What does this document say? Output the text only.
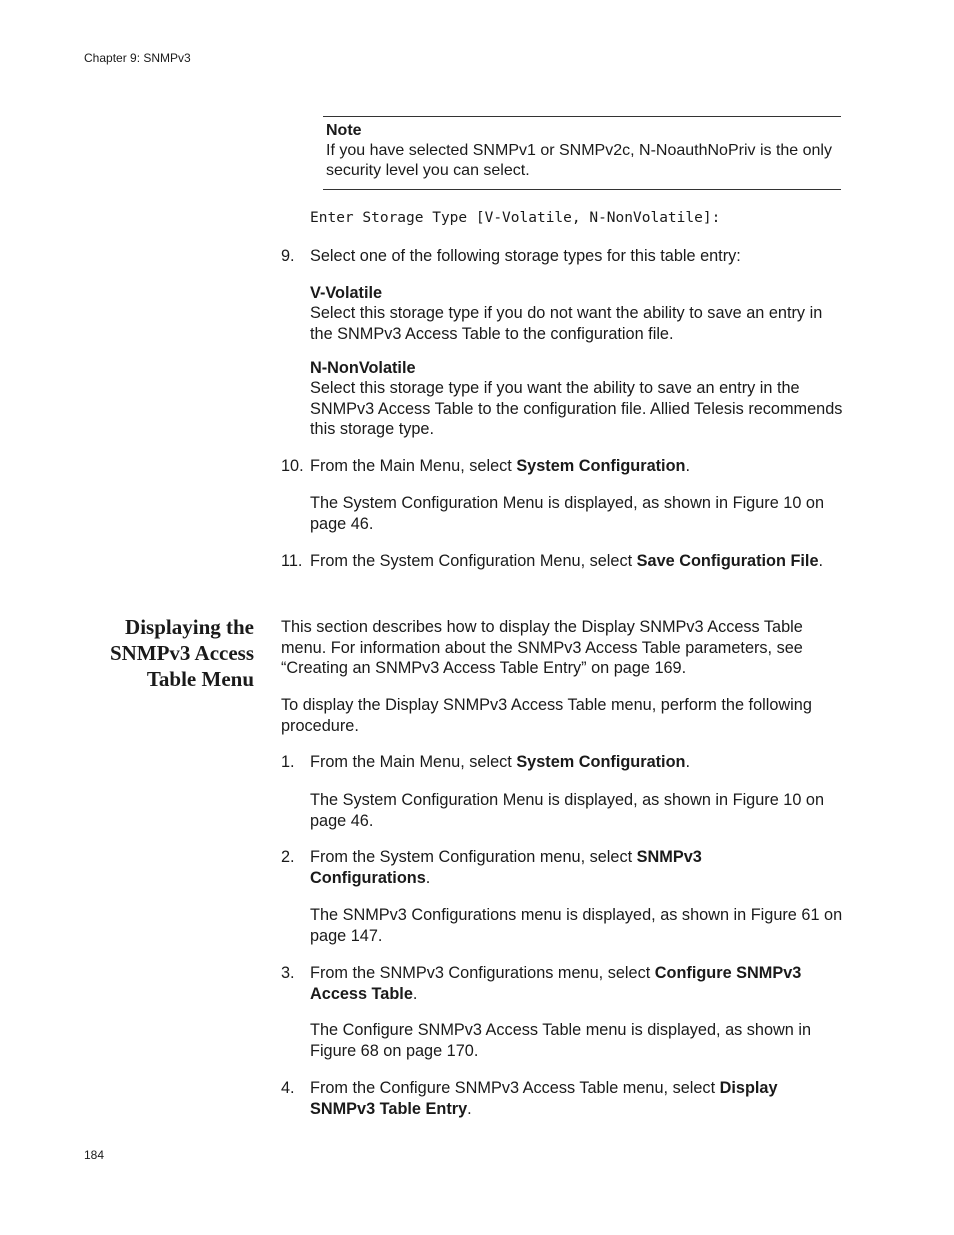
Chapter 9: SNMPv3
Note
If you have selected SNMPv1 or SNMPv2c, N-NoauthNoPriv is the only security level you can select.
Enter Storage Type [V-Volatile, N-NonVolatile]:
9. Select one of the following storage types for this table entry:
V-Volatile
Select this storage type if you do not want the ability to save an entry in the SNMPv3 Access Table to the configuration file.
N-NonVolatile
Select this storage type if you want the ability to save an entry in the SNMPv3 Access Table to the configuration file. Allied Telesis recommends this storage type.
10. From the Main Menu, select System Configuration.
The System Configuration Menu is displayed, as shown in Figure 10 on page 46.
11. From the System Configuration Menu, select Save Configuration File.
Displaying the
SNMPv3 Access
Table Menu
This section describes how to display the Display SNMPv3 Access Table menu. For information about the SNMPv3 Access Table parameters, see “Creating an SNMPv3 Access Table Entry” on page 169.
To display the Display SNMPv3 Access Table menu, perform the following procedure.
1. From the Main Menu, select System Configuration.
The System Configuration Menu is displayed, as shown in Figure 10 on page 46.
2. From the System Configuration menu, select SNMPv3 Configurations.
The SNMPv3 Configurations menu is displayed, as shown in Figure 61 on page 147.
3. From the SNMPv3 Configurations menu, select Configure SNMPv3 Access Table.
The Configure SNMPv3 Access Table menu is displayed, as shown in Figure 68 on page 170.
4. From the Configure SNMPv3 Access Table menu, select Display SNMPv3 Table Entry.
184
